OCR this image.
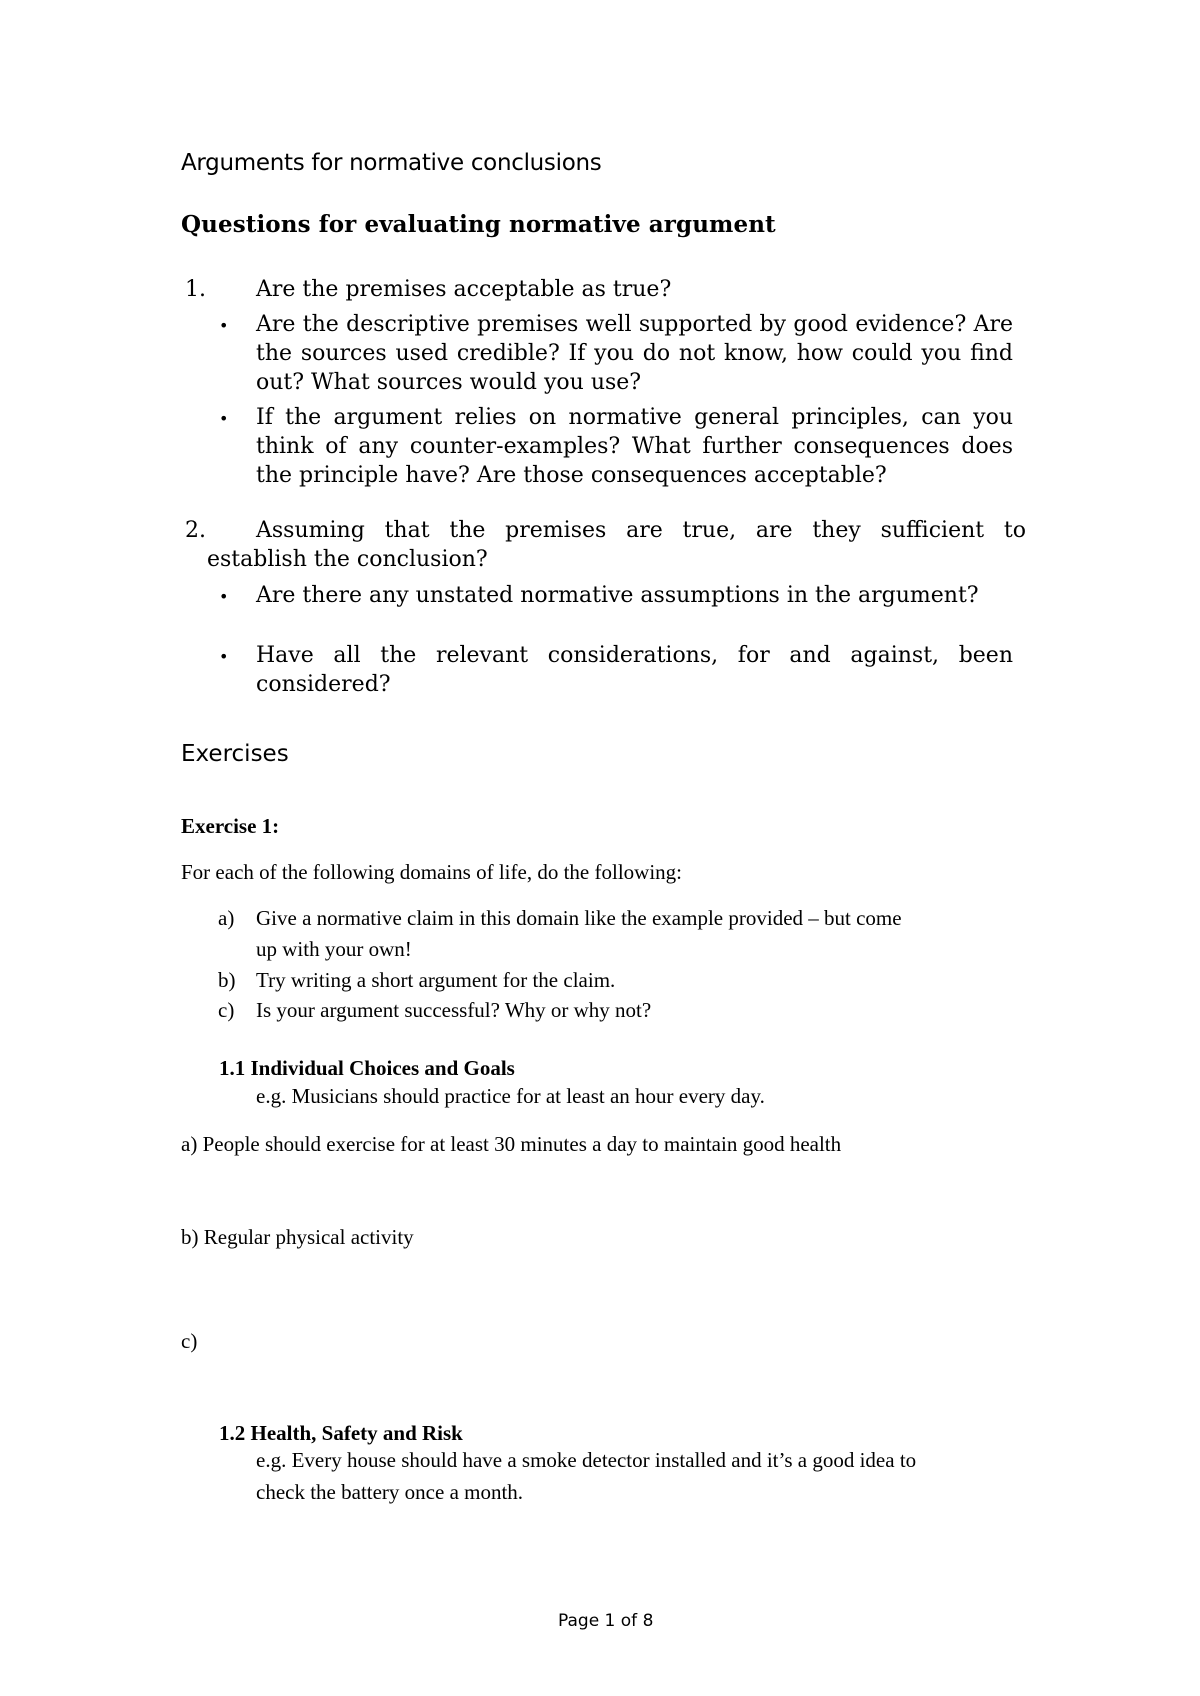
Arguments for normative conclusions
Questions for evaluating normative argument
1. Are the premises acceptable as true?
• Are the descriptive premises well supported by good evidence? Are the sources used credible? If you do not know, how could you find out? What sources would you use?
• If the argument relies on normative general principles, can you think of any counter-examples? What further consequences does the principle have? Are those consequences acceptable?
2. Assuming that the premises are true, are they sufficient to
establish the conclusion?
• Are there any unstated normative assumptions in the argument?
• Have all the relevant considerations, for and against, been considered?
Exercises
Exercise 1:
For each of the following domains of life, do the following:
a) Give a normative claim in this domain like the example provided – but come
up with your own!
b) Try writing a short argument for the claim.
c) Is your argument successful? Why or why not?
1.1 Individual Choices and Goals
e.g. Musicians should practice for at least an hour every day.
a) People should exercise for at least 30 minutes a day to maintain good health
b) Regular physical activity
c)
1.2 Health, Safety and Risk
e.g. Every house should have a smoke detector installed and it’s a good idea to
check the battery once a month.
Page 1 of 8
